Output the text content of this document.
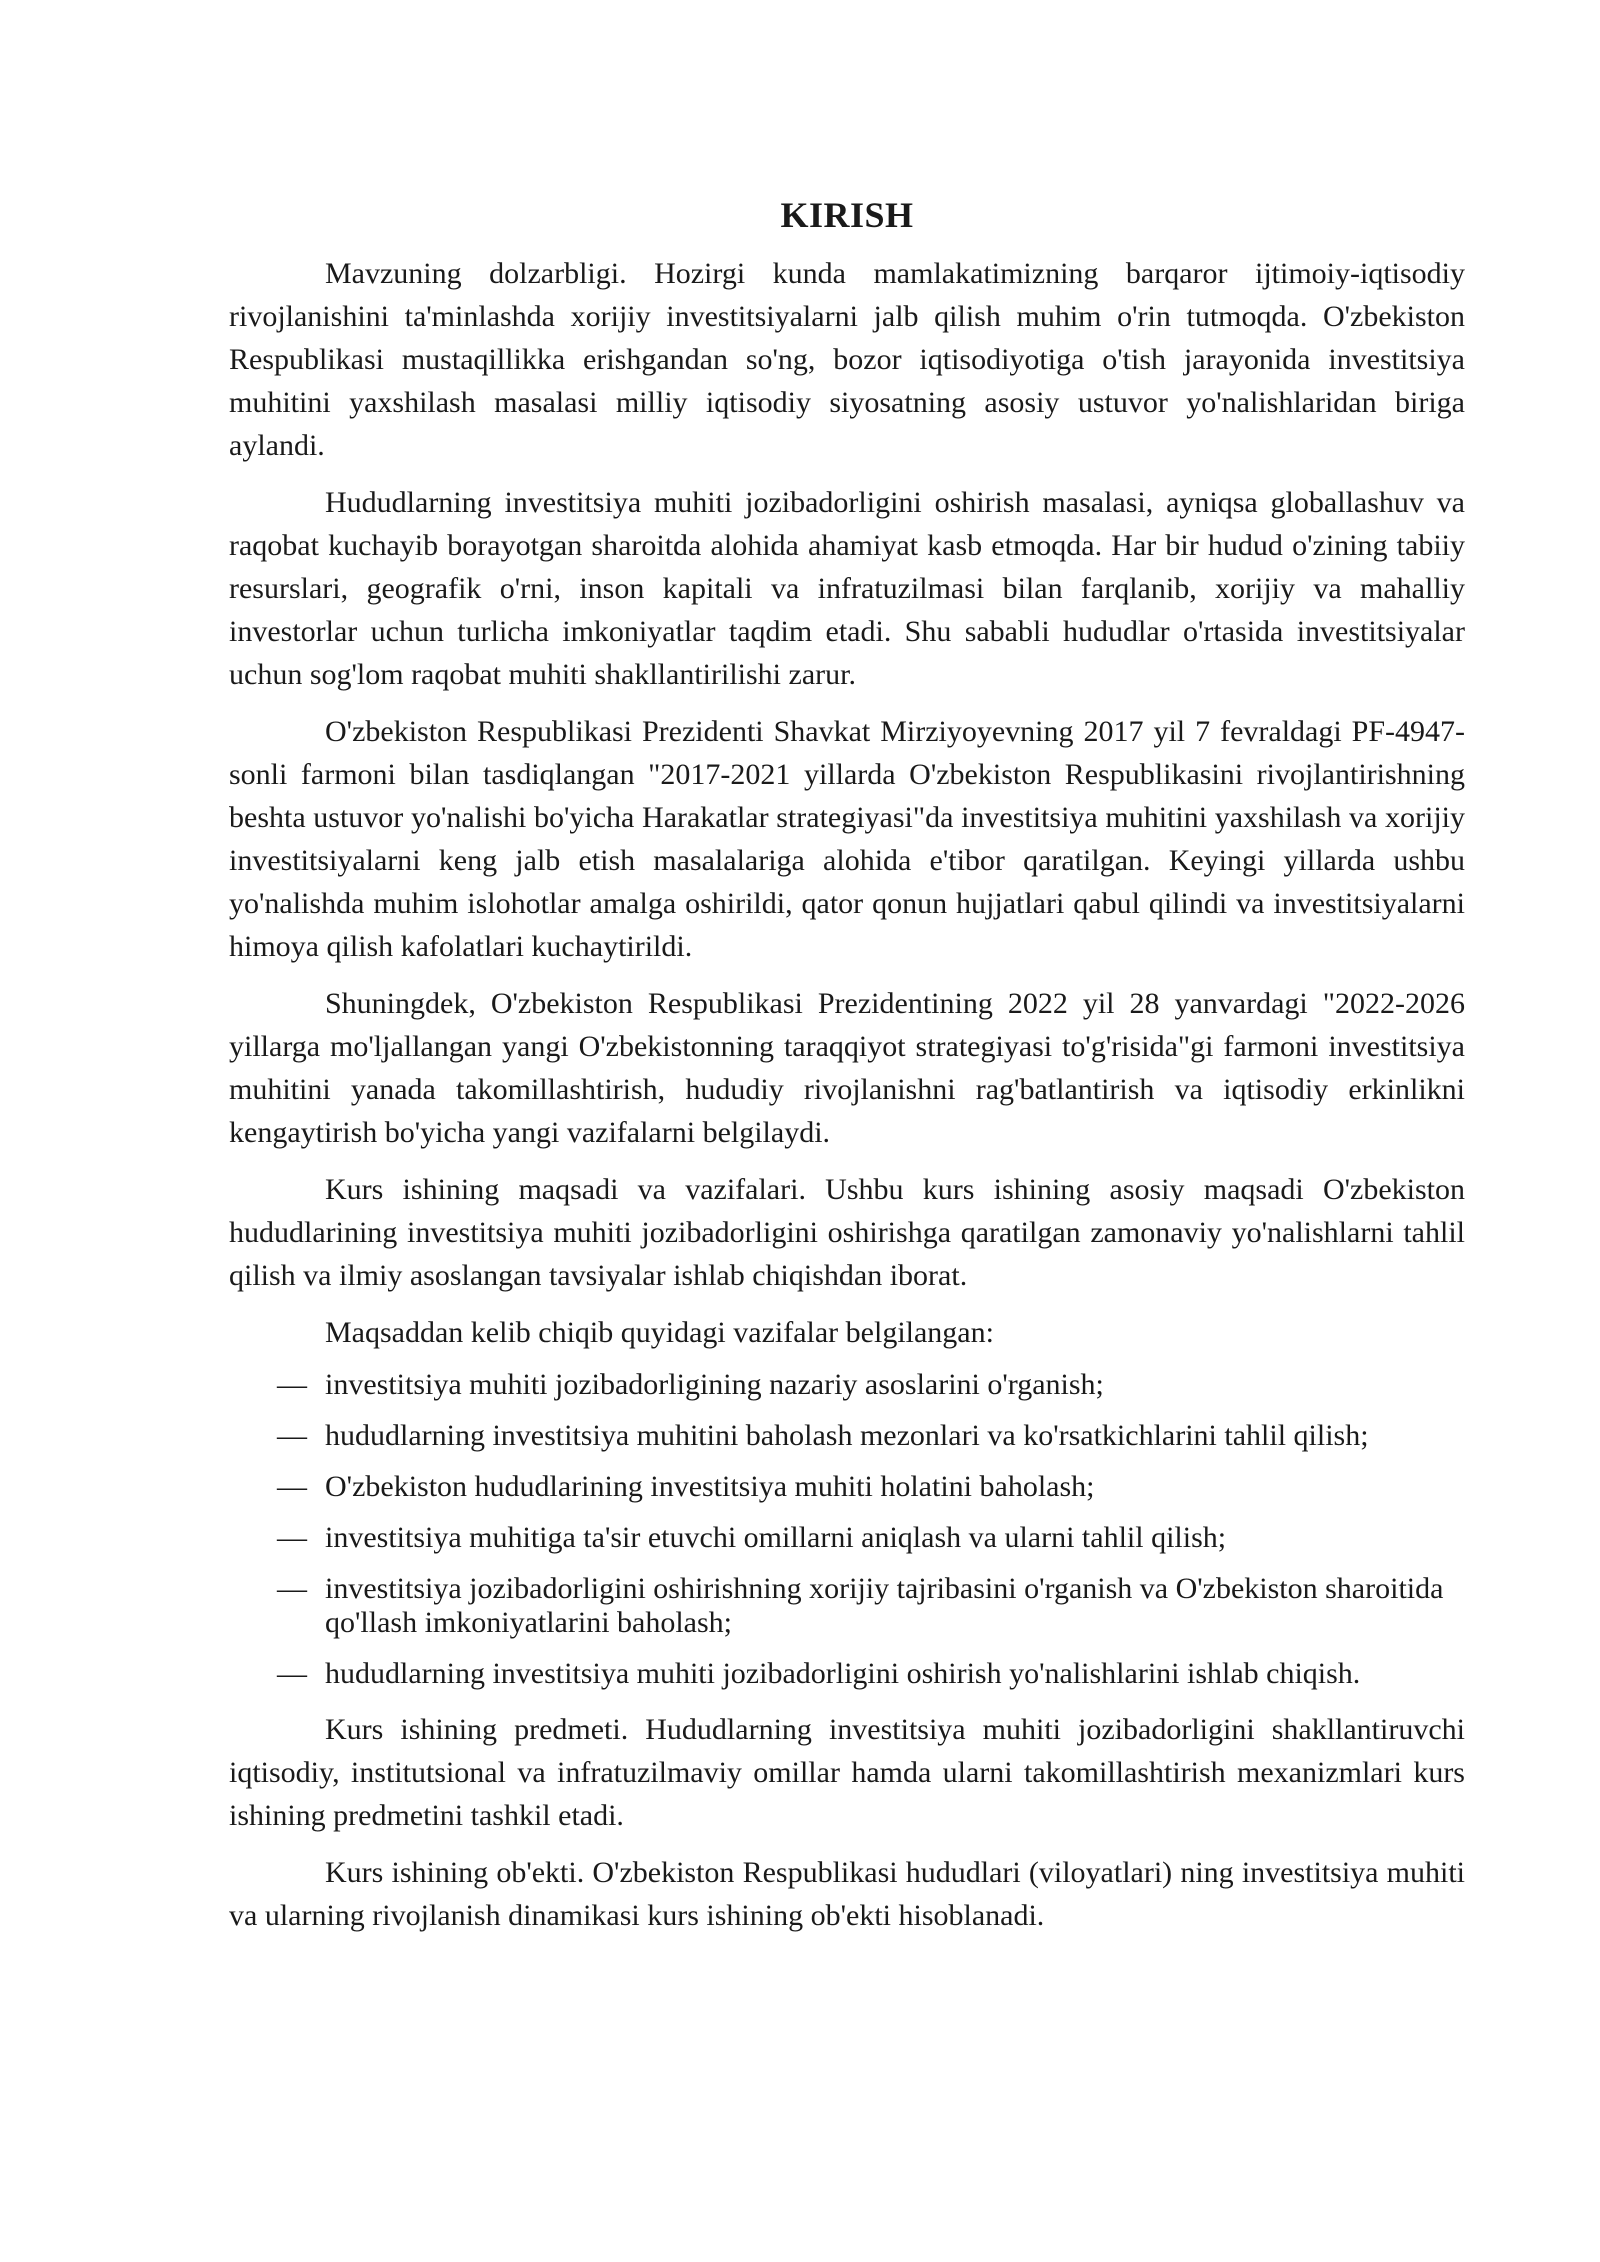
KIRISH

Mavzuning dolzarbligi. Hozirgi kunda mamlakatimizning barqaror ijtimoiy-iqtisodiy rivojlanishini ta'minlashda xorijiy investitsiyalarni jalb qilish muhim o'rin tutmoqda. O'zbekiston Respublikasi mustaqillikka erishgandan so'ng, bozor iqtisodiyotiga o'tish jarayonida investitsiya muhitini yaxshilash masalasi milliy iqtisodiy siyosatning asosiy ustuvor yo'nalishlaridan biriga aylandi.

Hududlarning investitsiya muhiti jozibadorligini oshirish masalasi, ayniqsa globallashuv va raqobat kuchayib borayotgan sharoitda alohida ahamiyat kasb etmoqda. Har bir hudud o'zining tabiiy resurslari, geografik o'rni, inson kapitali va infratuzilmasi bilan farqlanib, xorijiy va mahalliy investorlar uchun turlicha imkoniyatlar taqdim etadi. Shu sababli hududlar o'rtasida investitsiyalar uchun sog'lom raqobat muhiti shakllantirilishi zarur.

O'zbekiston Respublikasi Prezidenti Shavkat Mirziyoyevning 2017 yil 7 fevraldagi PF-4947-sonli farmoni bilan tasdiqlangan "2017-2021 yillarda O'zbekiston Respublikasini rivojlantirishning beshta ustuvor yo'nalishi bo'yicha Harakatlar strategiyasi"da investitsiya muhitini yaxshilash va xorijiy investitsiyalarni keng jalb etish masalalariga alohida e'tibor qaratilgan. Keyingi yillarda ushbu yo'nalishda muhim islohotlar amalga oshirildi, qator qonun hujjatlari qabul qilindi va investitsiyalarni himoya qilish kafolatlari kuchaytirildi.

Shuningdek, O'zbekiston Respublikasi Prezidentining 2022 yil 28 yanvardagi "2022-2026 yillarga mo'ljallangan yangi O'zbekistonning taraqqiyot strategiyasi to'g'risida"gi farmoni investitsiya muhitini yanada takomillashtirish, hududiy rivojlanishni rag'batlantirish va iqtisodiy erkinlikni kengaytirish bo'yicha yangi vazifalarni belgilaydi.

Kurs ishining maqsadi va vazifalari. Ushbu kurs ishining asosiy maqsadi O'zbekiston hududlarining investitsiya muhiti jozibadorligini oshirishga qaratilgan zamonaviy yo'nalishlarni tahlil qilish va ilmiy asoslangan tavsiyalar ishlab chiqishdan iborat.

Maqsaddan kelib chiqib quyidagi vazifalar belgilangan:

— investitsiya muhiti jozibadorligining nazariy asoslarini o'rganish;
— hududlarning investitsiya muhitini baholash mezonlari va ko'rsatkichlarini tahlil qilish;
— O'zbekiston hududlarining investitsiya muhiti holatini baholash;
— investitsiya muhitiga ta'sir etuvchi omillarni aniqlash va ularni tahlil qilish;
— investitsiya jozibadorligini oshirishning xorijiy tajribasini o'rganish va O'zbekiston sharoitida qo'llash imkoniyatlarini baholash;
— hududlarning investitsiya muhiti jozibadorligini oshirish yo'nalishlarini ishlab chiqish.

Kurs ishining predmeti. Hududlarning investitsiya muhiti jozibadorligini shakllantiruvchi iqtisodiy, institutsional va infratuzilmaviy omillar hamda ularni takomillashtirish mexanizmlari kurs ishining predmetini tashkil etadi.

Kurs ishining ob'ekti. O'zbekiston Respublikasi hududlari (viloyatlari) ning investitsiya muhiti va ularning rivojlanish dinamikasi kurs ishining ob'ekti hisoblanadi.
